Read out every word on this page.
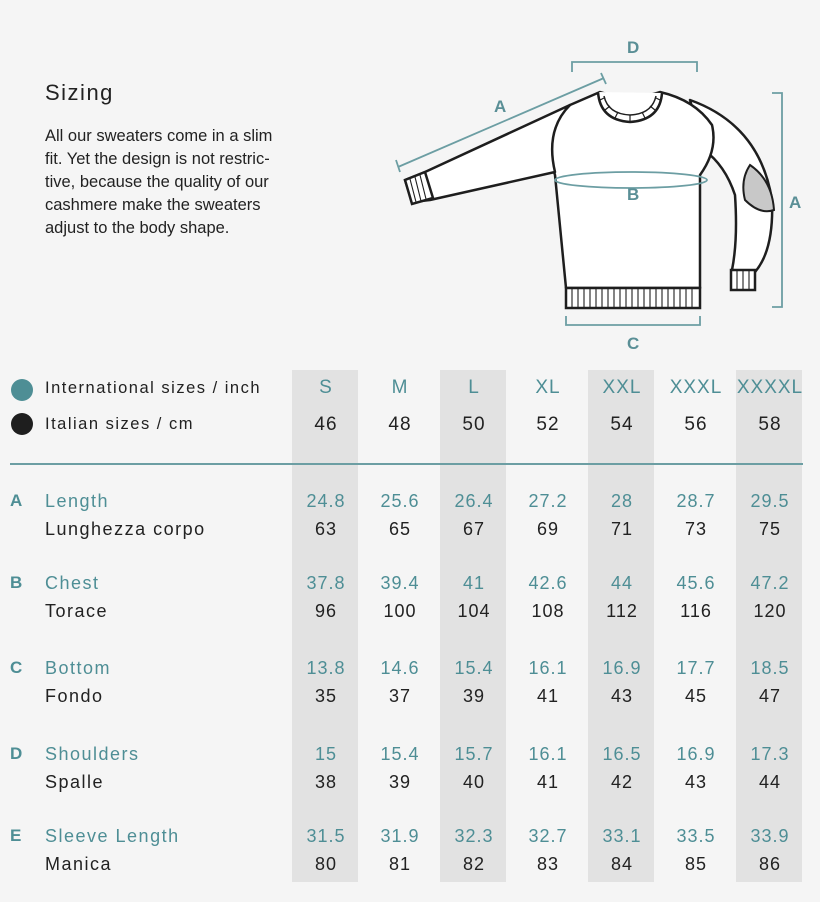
Sizing
All our sweaters come in a slim
fit. Yet the design is not restric-
tive, because the quality of our
cashmere make the sweaters
adjust to the body shape.
D
A
A
B
C
International sizes / inch
Italian sizes / cm
S
46
M
48
L
50
XL
52
XXL
54
XXXL
56
XXXXL
58
A Length
Lunghezza corpo
24.8
63
25.6
65
26.4
67
27.2
69
28
71
28.7
73
29.5
75
B Chest
Torace
37.8
96
39.4
100
41
104
42.6
108
44
112
45.6
116
47.2
120
C Bottom
Fondo
13.8
35
14.6
37
15.4
39
16.1
41
16.9
43
17.7
45
18.5
47
D Shoulders
Spalle
15
38
15.4
39
15.7
40
16.1
41
16.5
42
16.9
43
17.3
44
E Sleeve Length
Manica
31.5
80
31.9
81
32.3
82
32.7
83
33.1
84
33.5
85
33.9
86
